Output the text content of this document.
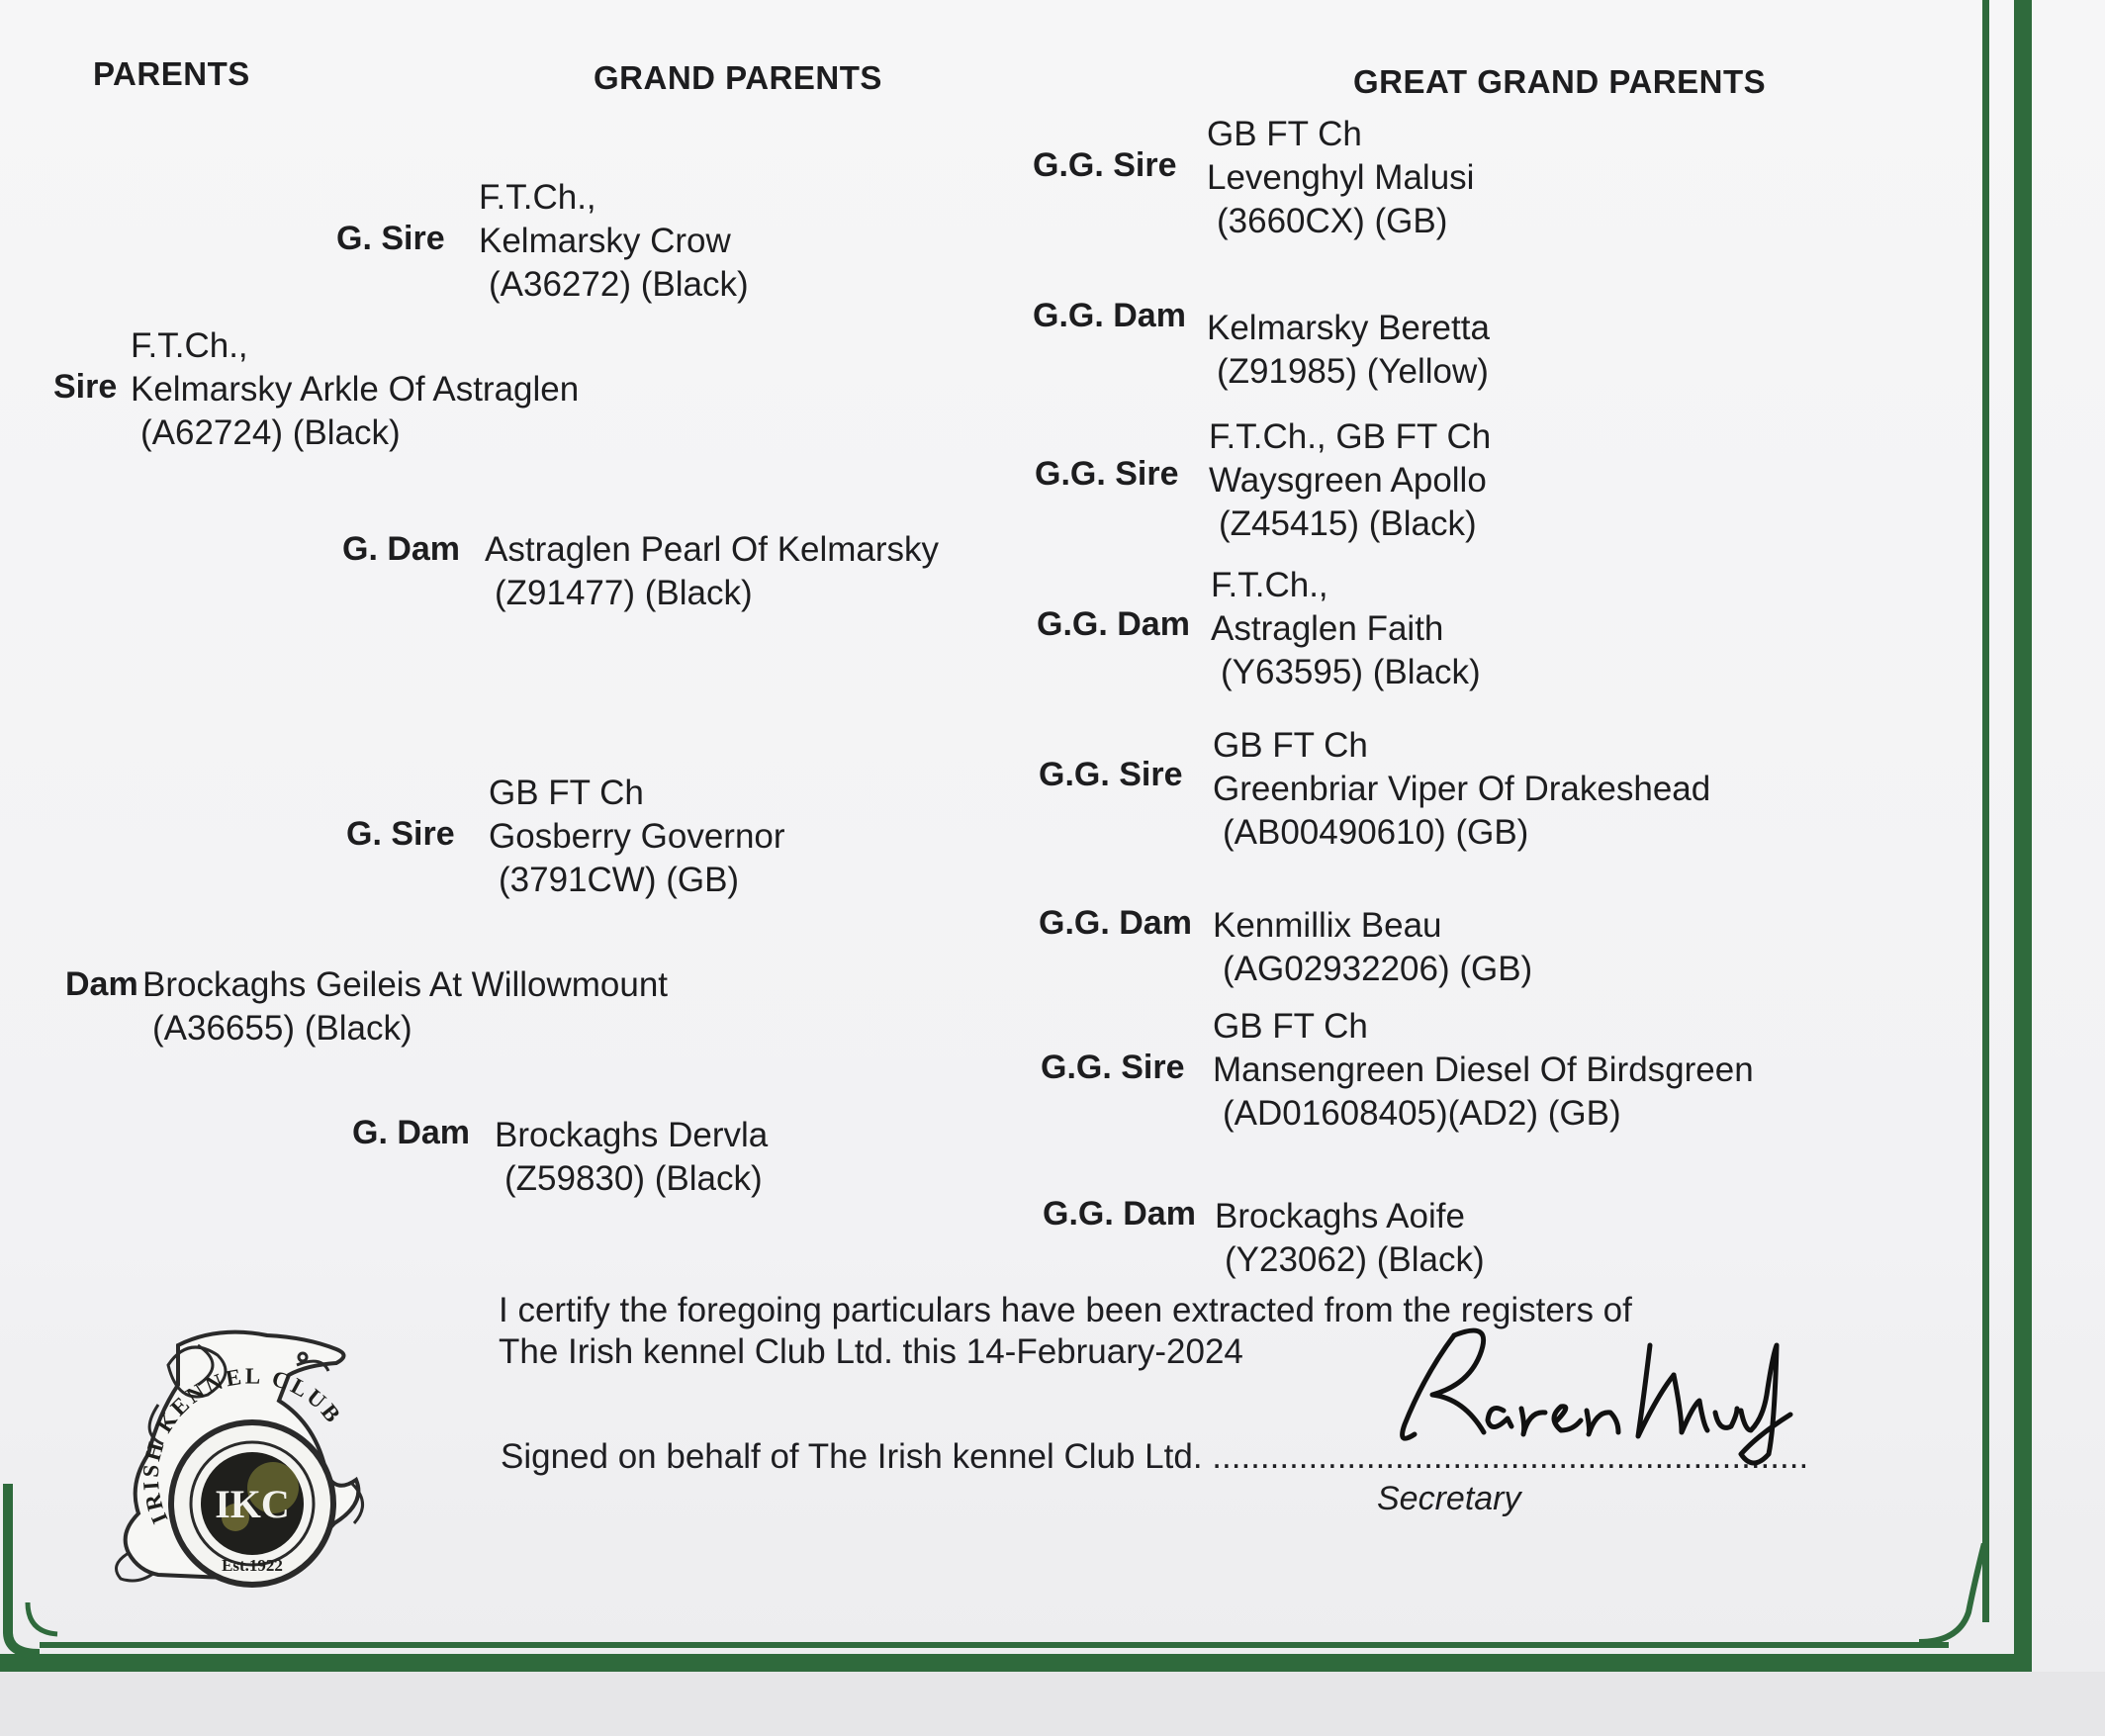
PARENTS	GRAND PARENTS	GREAT GRAND PARENTS
Sire
F.T.Ch.,
Kelmarsky Arkle Of Astraglen
(A62724) (Black)
Dam Brockaghs Geileis At Willowmount
(A36655) (Black)
G. Sire
F.T.Ch.,
Kelmarsky Crow
(A36272) (Black)
G. Dam Astraglen Pearl Of Kelmarsky
(Z91477) (Black)
G. Sire
GB FT Ch
Gosberry Governor
(3791CW) (GB)
G. Dam Brockaghs Dervla
(Z59830) (Black)
G.G. Sire
GB FT Ch
Levenghyl Malusi
(3660CX) (GB)
G.G. Dam Kelmarsky Beretta
(Z91985) (Yellow)
G.G. Sire
F.T.Ch., GB FT Ch
Waysgreen Apollo
(Z45415) (Black)
G.G. Dam
F.T.Ch.,
Astraglen Faith
(Y63595) (Black)
G.G. Sire
GB FT Ch
Greenbriar Viper Of Drakeshead
(AB00490610) (GB)
G.G. Dam Kenmillix Beau
(AG02932206) (GB)
G.G. Sire
GB FT Ch
Mansengreen Diesel Of Birdsgreen
(AD01608405)(AD2) (GB)
G.G. Dam Brockaghs Aoife
(Y23062) (Black)
I certify the foregoing particulars have been extracted from the registers of
The Irish kennel Club Ltd. this 14-February-2024
Signed on behalf of The Irish kennel Club Ltd. ..............................................................
Secretary
IRISH KENNEL CLUB
IKC
Est.1922
